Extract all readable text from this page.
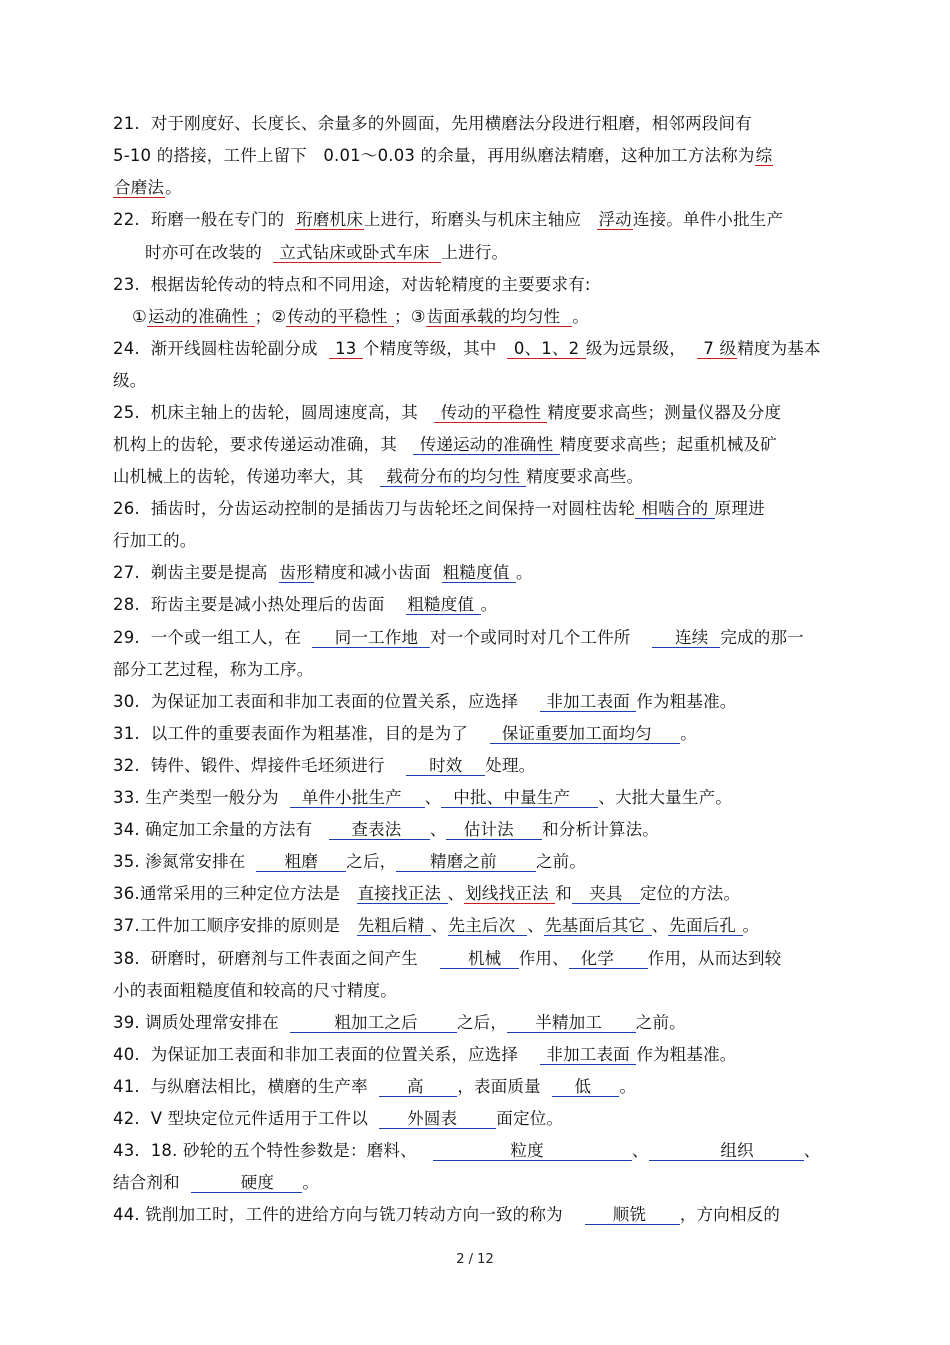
21.  对于刚度好、长度长、余量多的外圆面，先用横磨法分段进行粗磨，相邻两段间有
5-10 的搭接，工件上留下   0.01～0.03 的余量，再用纵磨法精磨，这种加工方法称为综
合磨法。
22.  珩磨一般在专门的  珩磨机床上进行，珩磨头与机床主轴应   浮动连接。单件小批生产
时亦可在改装的   立式钻床或卧式车床  上进行。
23.  根据齿轮传动的特点和不同用途，对齿轮精度的主要要求有:
①运动的准确性 ；②传动的平稳性 ；③齿面承载的均匀性  。
24.  渐开线圆柱齿轮副分成   13 个精度等级，其中   0、1、2 级为远景级，   7 级精度为基本
级。
25.  机床主轴上的齿轮，圆周速度高，其    传动的平稳性 精度要求高些；测量仪器及分度
机构上的齿轮，要求传递运动准确，其    传递运动的准确性 精度要求高些；起重机械及矿
山机械上的齿轮，传递功率大，其    载荷分布的均匀性 精度要求高些。
26.  插齿时，分齿运动控制的是插齿刀与齿轮坯之间保持一对圆柱齿轮 相啮合的 原理进
行加工的。
27.  剃齿主要是提高  齿形精度和减小齿面  粗糙度值 。
28.  珩齿主要是减小热处理后的齿面    粗糙度值 。
29.  一个或一组工人，在      同一工作地  对一个或同时对几个工件所        连续  完成的那一
部分工艺过程，称为工序。
30.  为保证加工表面和非加工表面的位置关系，应选择     非加工表面 作为粗基准。
31.  以工件的重要表面作为粗基准，目的是为了      保证重要加工面均匀     。
32.  铸件、锻件、焊接件毛坯须进行        时效    处理。
33. 生产类型一般分为    单件小批生产    、  中批、中量生产     、大批大量生产。
34. 确定加工余量的方法有       查表法     、   估计法     和分析计算法。
35. 渗氮常安排在       粗磨     之后，      精磨之前       之前。
36.通常采用的三种定位方法是   直接找正法 、划线找正法 和   夹具   定位的方法。
37.工件加工顺序安排的原则是   先粗后精 、先主后次  、先基面后其它 、先面后孔 。
38.  研磨时，研磨剂与工件表面之间产生         机械   作用、  化学      作用，从而达到较
小的表面粗糙度值和较高的尺寸精度。
39. 调质处理常安排在          粗加工之后       之后，     半精加工      之前。
40.  为保证加工表面和非加工表面的位置关系，应选择     非加工表面 作为粗基准。
41.  与纵磨法相比，横磨的生产率       高      ，表面质量      低     。
42.  V 型块定位元件适用于工件以       外圆表       面定位。
43.  18. 砂轮的五个特性参数是：磨料、                 粒度                、             组织         、
结合剂和           硬度     。
44. 铣削加工时，工件的进给方向与铣刀转动方向一致的称为         顺铣      ，方向相反的
2 / 12
